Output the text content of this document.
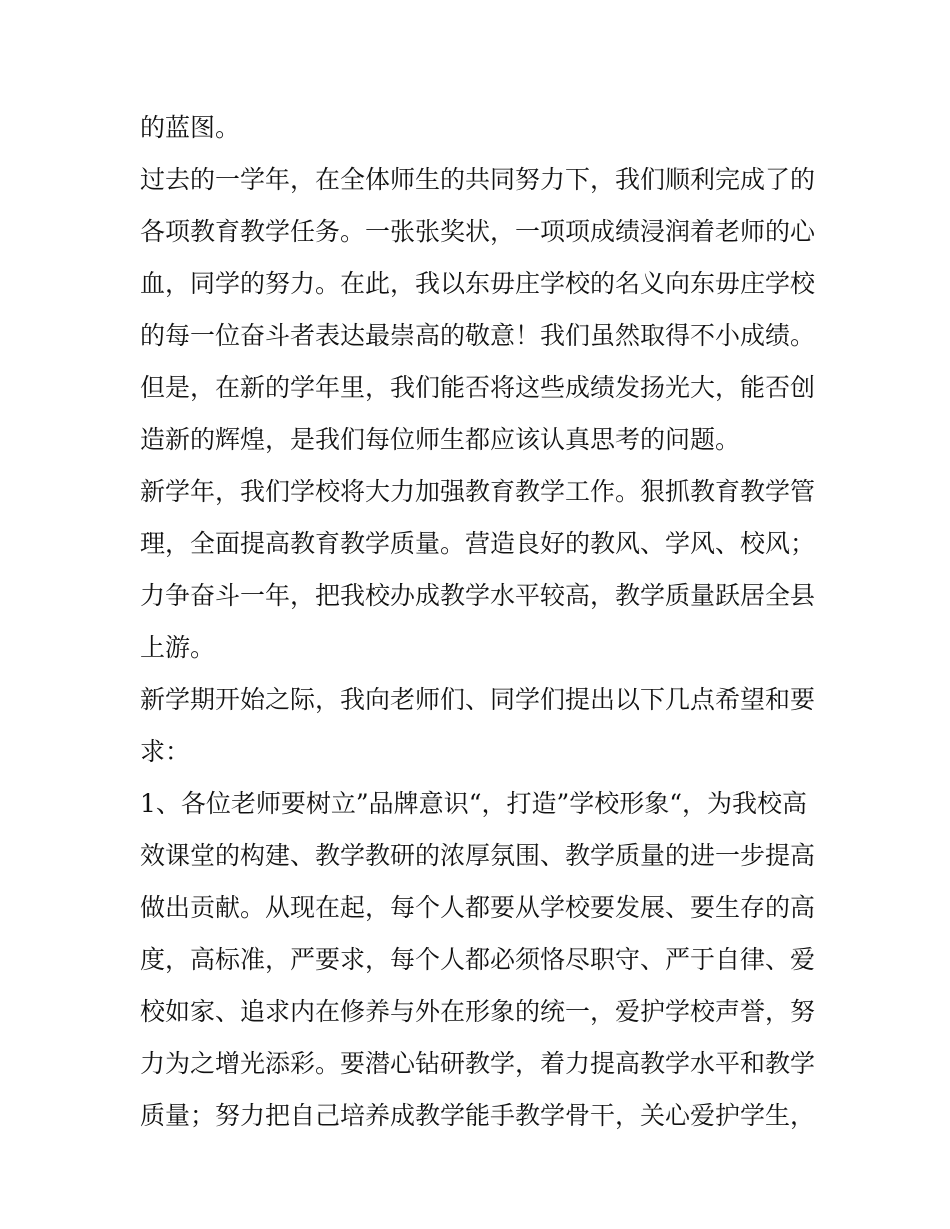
的蓝图。
过去的一学年，在全体师生的共同努力下，我们顺利完成了的
各项教育教学任务。一张张奖状，一项项成绩浸润着老师的心
血，同学的努力。在此，我以东毋庄学校的名义向东毋庄学校
的每一位奋斗者表达最崇高的敬意！我们虽然取得不小成绩。
但是，在新的学年里，我们能否将这些成绩发扬光大，能否创
造新的辉煌，是我们每位师生都应该认真思考的问题。
新学年，我们学校将大力加强教育教学工作。狠抓教育教学管
理，全面提高教育教学质量。营造良好的教风、学风、校风；
力争奋斗一年，把我校办成教学水平较高，教学质量跃居全县
上游。
新学期开始之际，我向老师们、同学们提出以下几点希望和要
求：
1、各位老师要树立”品牌意识“，打造”学校形象“，为我校高
效课堂的构建、教学教研的浓厚氛围、教学质量的进一步提高
做出贡献。从现在起，每个人都要从学校要发展、要生存的高
度，高标准，严要求，每个人都必须恪尽职守、严于自律、爱
校如家、追求内在修养与外在形象的统一，爱护学校声誉，努
力为之增光添彩。要潜心钻研教学，着力提高教学水平和教学
质量；努力把自己培养成教学能手教学骨干，关心爱护学生，
